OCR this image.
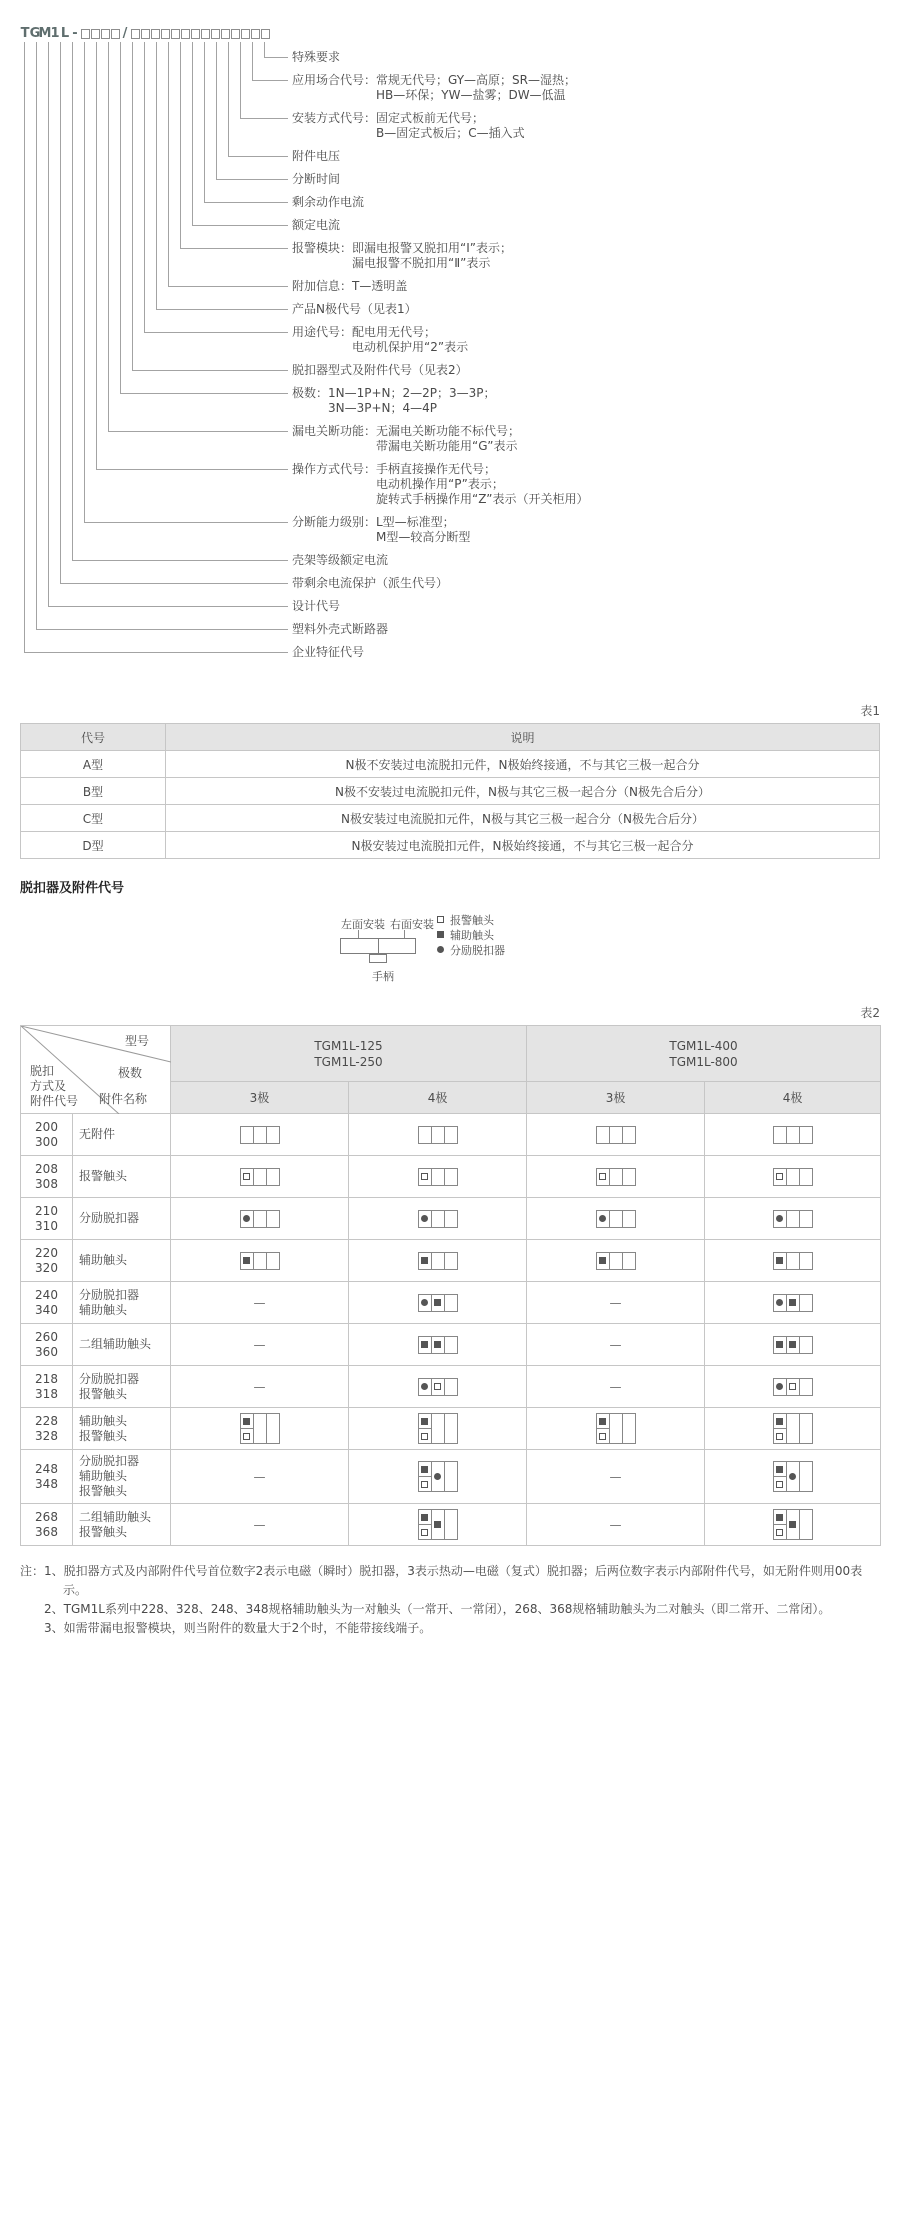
T G
M 1 L -	/
特殊要求
应用场合代号：常规无代号；GY—高原；SR—湿热；
HB—环保；YW—盐雾；DW—低温
安装方式代号：固定式板前无代号；
B—固定式板后；C—插入式
附件电压
分断时间
剩余动作电流
额定电流
报警模块：即漏电报警又脱扣用“Ⅰ”表示；
漏电报警不脱扣用“Ⅱ”表示
附加信息：T—透明盖
产品N极代号（见表1）
用途代号：配电用无代号；
电动机保护用“2”表示
脱扣器型式及附件代号（见表2）
极数：1N—1P+N；2—2P；3—3P；
3N—3P+N；4—4P
漏电关断功能：无漏电关断功能不标代号；
带漏电关断功能用“G”表示
操作方式代号：手柄直接操作无代号；
电动机操作用“P”表示；
旋转式手柄操作用“Z”表示（开关柜用）
分断能力级别：L型—标准型；
M型—较高分断型
壳架等级额定电流
带剩余电流保护（派生代号）
设计代号
塑料外壳式断路器
企业特征代号
表1
代号	说明
A型	N极不安装过电流脱扣元件，N极始终接通，不与其它三极一起合分
B型	N极不安装过电流脱扣元件，N极与其它三极一起合分（N极先合后分）
C型	N极安装过电流脱扣元件，N极与其它三极一起合分（N极先合后分）
D型	N极安装过电流脱扣元件，N极始终接通，不与其它三极一起合分
脱扣器及附件代号
左面安装 右面安装
手柄
报警触头
辅助触头
分励脱扣器
表2
型号
极数
附件名称
脱扣
方式及
附件代号

TGM1L-125
TGM1L-250

TGM1L-400
TGM1L-800

		3极	4极	3极	4极

200
300	无附件				

208
308	报警触头				

210
310	分励脱扣器				

220
320	辅助触头				

240
340

分励脱扣器
辅助触头	—		—	

260
360	二组辅助触头	—		—	

218
318

分励脱扣器
报警触头	—		—	

228
328

辅助触头
报警触头

248
348

分励脱扣器
辅助触头
报警触头
	—		—	

268
368

二组辅助触头
报警触头	—		—	
注： 1、脱扣器方式及内部附件代号首位数字2表示电磁（瞬时）脱扣器，3表示热动—电磁（复式）脱扣器；后两位数字表示内部附件代号，如无附件则用00表示。
2、TGM1L系列中228、328、248、348规格辅助触头为一对触头（一常开、一常闭），268、368规格辅助触头为二对触头（即二常开、二常闭）。
3、如需带漏电报警模块，则当附件的数量大于2个时，不能带接线端子。
